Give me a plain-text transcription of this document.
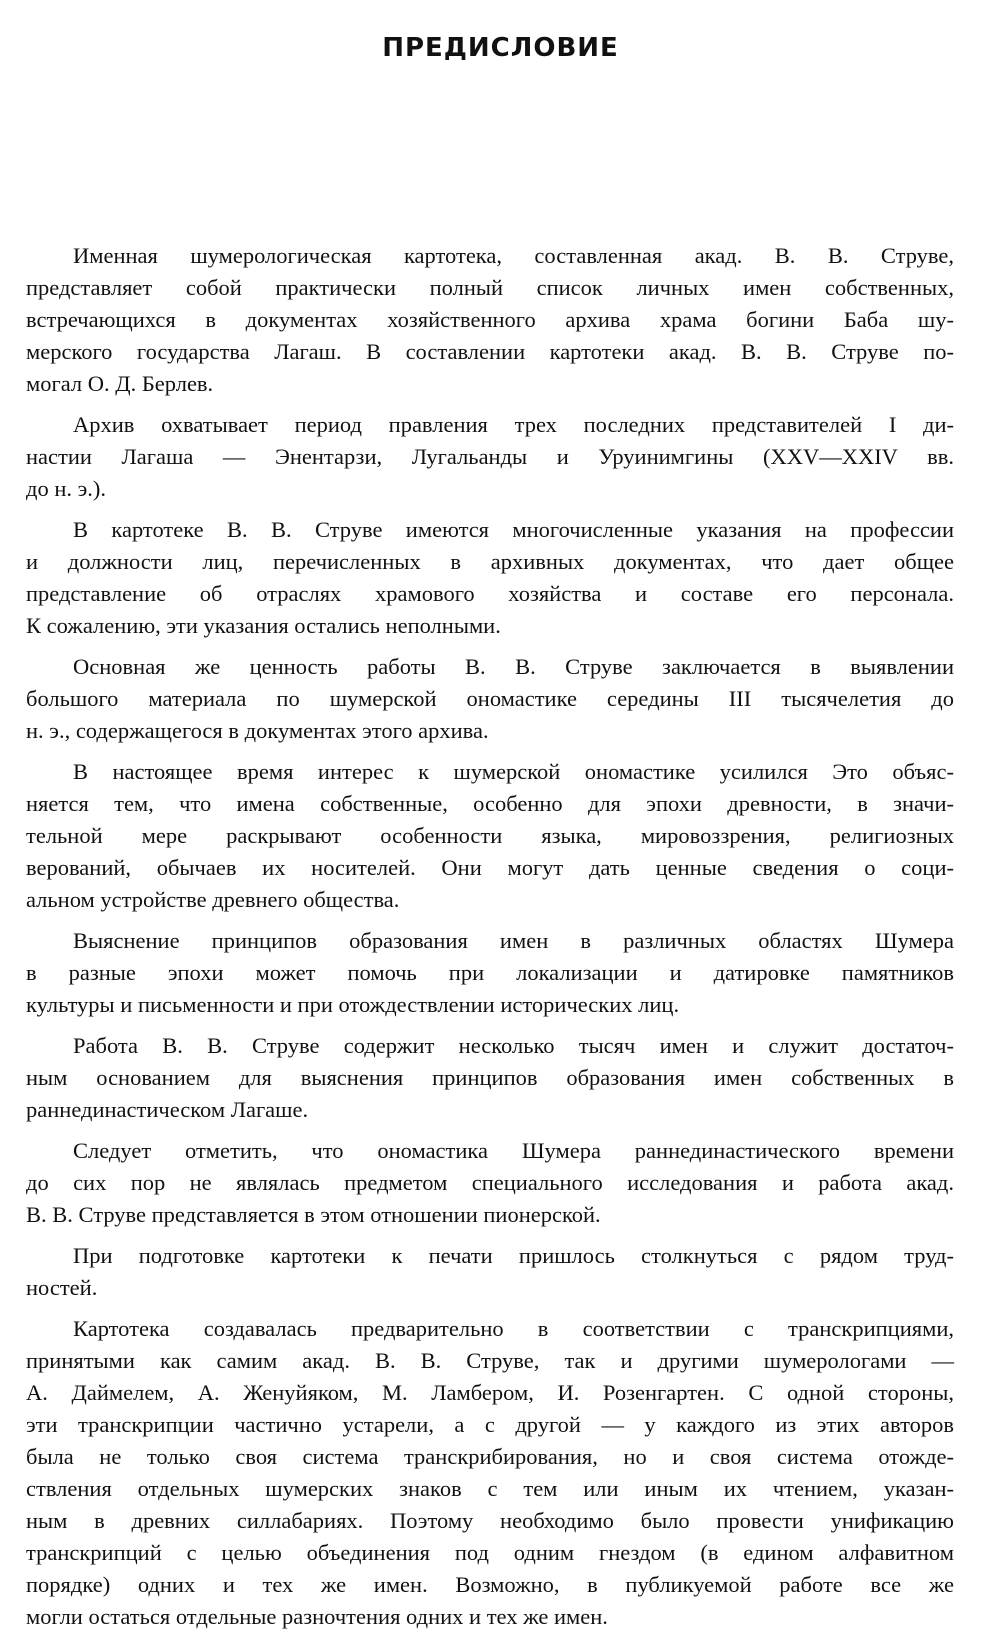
ПРЕДИСЛОВИЕ
Именная шумерологическая картотека, составленная акад. В. В. Струве,
представляет собой практически полный список личных имен собственных,
встречающихся в документах хозяйственного архива храма богини Баба шу-
мерского государства Лагаш. В составлении картотеки акад. В. В. Струве по-
могал О. Д. Берлев.
Архив охватывает период правления трех последних представителей I ди-
настии Лагаша — Энентарзи, Лугальанды и Уруинимгины (XXV—XXIV вв.
до н. э.).
В картотеке В. В. Струве имеются многочисленные указания на профессии
и должности лиц, перечисленных в архивных документах, что дает общее
представление об отраслях храмового хозяйства и составе его персонала.
К сожалению, эти указания остались неполными.
Основная же ценность работы В. В. Струве заключается в выявлении
большого материала по шумерской ономастике середины III тысячелетия до
н. э., содержащегося в документах этого архива.
В настоящее время интерес к шумерской ономастике усилился Это объяс-
няется тем, что имена собственные, особенно для эпохи древности, в значи-
тельной мере раскрывают особенности языка, мировоззрения, религиозных
верований, обычаев их носителей. Они могут дать ценные сведения о соци-
альном устройстве древнего общества.
Выяснение принципов образования имен в различных областях Шумера
в разные эпохи может помочь при локализации и датировке памятников
культуры и письменности и при отождествлении исторических лиц.
Работа В. В. Струве содержит несколько тысяч имен и служит достаточ-
ным основанием для выяснения принципов образования имен собственных в
раннединастическом Лагаше.
Следует отметить, что ономастика Шумера раннединастического времени
до сих пор не являлась предметом специального исследования и работа акад.
В. В. Струве представляется в этом отношении пионерской.
При подготовке картотеки к печати пришлось столкнуться с рядом труд-
ностей.
Картотека создавалась предварительно в соответствии с транскрипциями,
принятыми как самим акад. В. В. Струве, так и другими шумерологами —
А. Даймелем, А. Женуйяком, М. Ламбером, И. Розенгартен. С одной стороны,
эти транскрипции частично устарели, а с другой — у каждого из этих авторов
была не только своя система транскрибирования, но и своя система отожде-
ствления отдельных шумерских знаков с тем или иным их чтением, указан-
ным в древних силлабариях. Поэтому необходимо было провести унификацию
транскрипций с целью объединения под одним гнездом (в едином алфавитном
порядке) одних и тех же имен. Возможно, в публикуемой работе все же
могли остаться отдельные разночтения одних и тех же имен.
